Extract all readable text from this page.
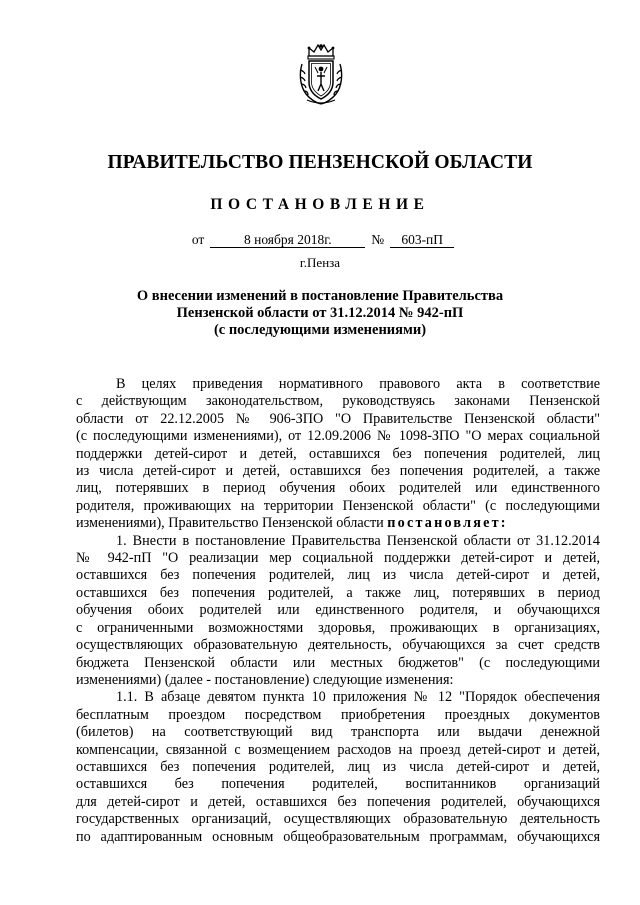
ПРАВИТЕЛЬСТВО ПЕНЗЕНСКОЙ ОБЛАСТИ
ПОСТАНОВЛЕНИЕ
от	8 ноября 2018г.	№ 603-пП
г.Пенза
О внесении изменений в постановление Правительства
Пензенской области от 31.12.2014 № 942-пП
(с последующими изменениями)
В целях приведения нормативного правового акта в соответствие
с действующим законодательством, руководствуясь законами Пензенской
области от 22.12.2005 № 906-ЗПО "О Правительстве Пензенской области"
(с последующими изменениями), от 12.09.2006 № 1098-ЗПО "О мерах социальной
поддержки детей-сирот и детей, оставшихся без попечения родителей, лиц
из числа детей-сирот и детей, оставшихся без попечения родителей, а также
лиц, потерявших в период обучения обоих родителей или единственного
родителя, проживающих на территории Пензенской области" (с последующими
изменениями), Правительство Пензенской области постановляет:
1. Внести в постановление Правительства Пензенской области от 31.12.2014
№ 942-пП "О реализации мер социальной поддержки детей-сирот и детей,
оставшихся без попечения родителей, лиц из числа детей-сирот и детей,
оставшихся без попечения родителей, а также лиц, потерявших в период
обучения обоих родителей или единственного родителя, и обучающихся
с ограниченными возможностями здоровья, проживающих в организациях,
осуществляющих образовательную деятельность, обучающихся за счет средств
бюджета Пензенской области или местных бюджетов" (с последующими
изменениями) (далее - постановление) следующие изменения:
1.1. В абзаце девятом пункта 10 приложения № 12 "Порядок обеспечения
бесплатным проездом посредством приобретения проездных документов
(билетов) на соответствующий вид транспорта или выдачи денежной
компенсации, связанной с возмещением расходов на проезд детей-сирот и детей,
оставшихся без попечения родителей, лиц из числа детей-сирот и детей,
оставшихся без попечения родителей, воспитанников организаций
для детей-сирот и детей, оставшихся без попечения родителей, обучающихся
государственных организаций, осуществляющих образовательную деятельность
по адаптированным основным общеобразовательным программам, обучающихся
